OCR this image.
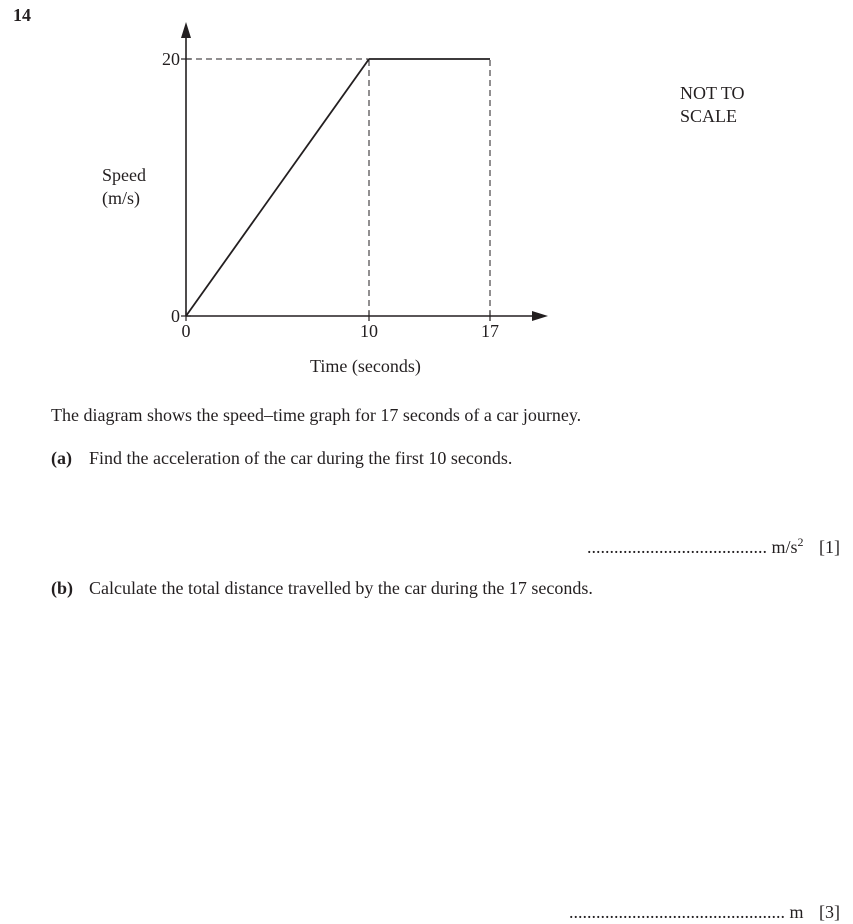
14
0	10	17
0
20
Speed
(m/s)
Time (seconds)
NOT TO
SCALE
The diagram shows the speed–time graph for 17 seconds of a car journey.
(a) Find the acceleration of the car during the first 10 seconds.
........................................ $m/s^2$ [1]
(b) Calculate the total distance travelled by the car during the 17 seconds.
................................................ m [3]
